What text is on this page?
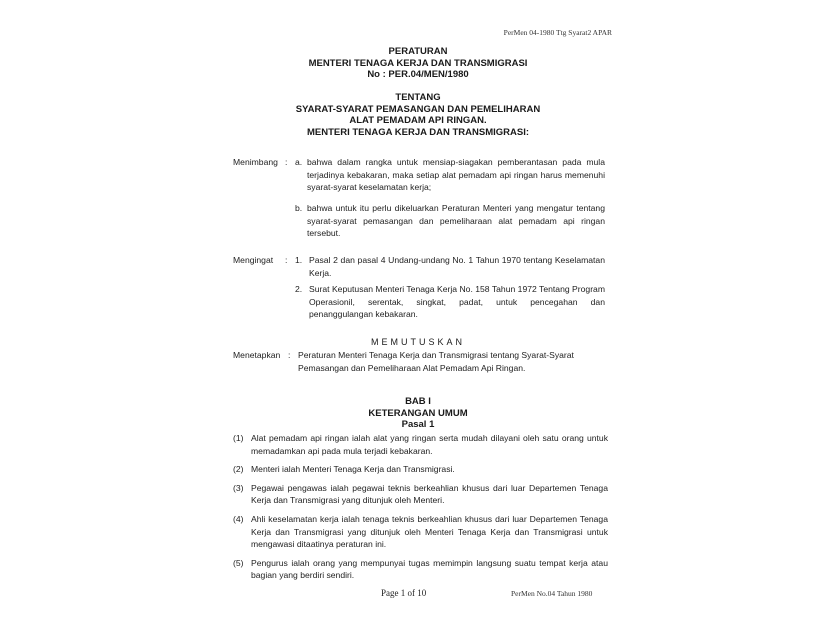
PerMen 04-1980 Ttg Syarat2 APAR
PERATURAN
MENTERI TENAGA KERJA DAN TRANSMIGRASI
No : PER.04/MEN/1980
TENTANG
SYARAT-SYARAT PEMASANGAN DAN PEMELIHARAN
ALAT PEMADAM API RINGAN.
MENTERI TENAGA KERJA DAN TRANSMIGRASI:
Menimbang : a. bahwa dalam rangka untuk mensiap-siagakan pemberantasan pada mula terjadinya kebakaran, maka setiap alat pemadam api ringan harus memenuhi syarat-syarat keselamatan kerja;
b. bahwa untuk itu perlu dikeluarkan Peraturan Menteri yang mengatur tentang syarat-syarat pemasangan dan pemeliharaan alat pemadam api ringan tersebut.
Mengingat : 1. Pasal 2 dan pasal 4 Undang-undang No. 1 Tahun 1970 tentang Keselamatan Kerja.
2. Surat Keputusan Menteri Tenaga Kerja No. 158 Tahun 1972 Tentang Program Operasionil, serentak, singkat, padat, untuk pencegahan dan penanggulangan kebakaran.
MEMUTUSKAN
Menetapkan : Peraturan Menteri Tenaga Kerja dan Transmigrasi tentang Syarat-Syarat Pemasangan dan Pemeliharaan Alat Pemadam Api Ringan.
BAB I
KETERANGAN UMUM
Pasal 1
(1) Alat pemadam api ringan ialah alat yang ringan serta mudah dilayani oleh satu orang untuk memadamkan api pada mula terjadi kebakaran.
(2) Menteri ialah Menteri Tenaga Kerja dan Transmigrasi.
(3) Pegawai pengawas ialah pegawai teknis berkeahlian khusus dari luar Departemen Tenaga Kerja dan Transmigrasi yang ditunjuk oleh Menteri.
(4) Ahli keselamatan kerja ialah tenaga teknis berkeahlian khusus dari luar Departemen Tenaga Kerja dan Transmigrasi yang ditunjuk oleh Menteri Tenaga Kerja dan Transmigrasi untuk mengawasi ditaatinya peraturan ini.
(5) Pengurus ialah orang yang mempunyai tugas memimpin langsung suatu tempat kerja atau bagian yang berdiri sendiri.
Page 1 of 10	PerMen No.04 Tahun 1980
